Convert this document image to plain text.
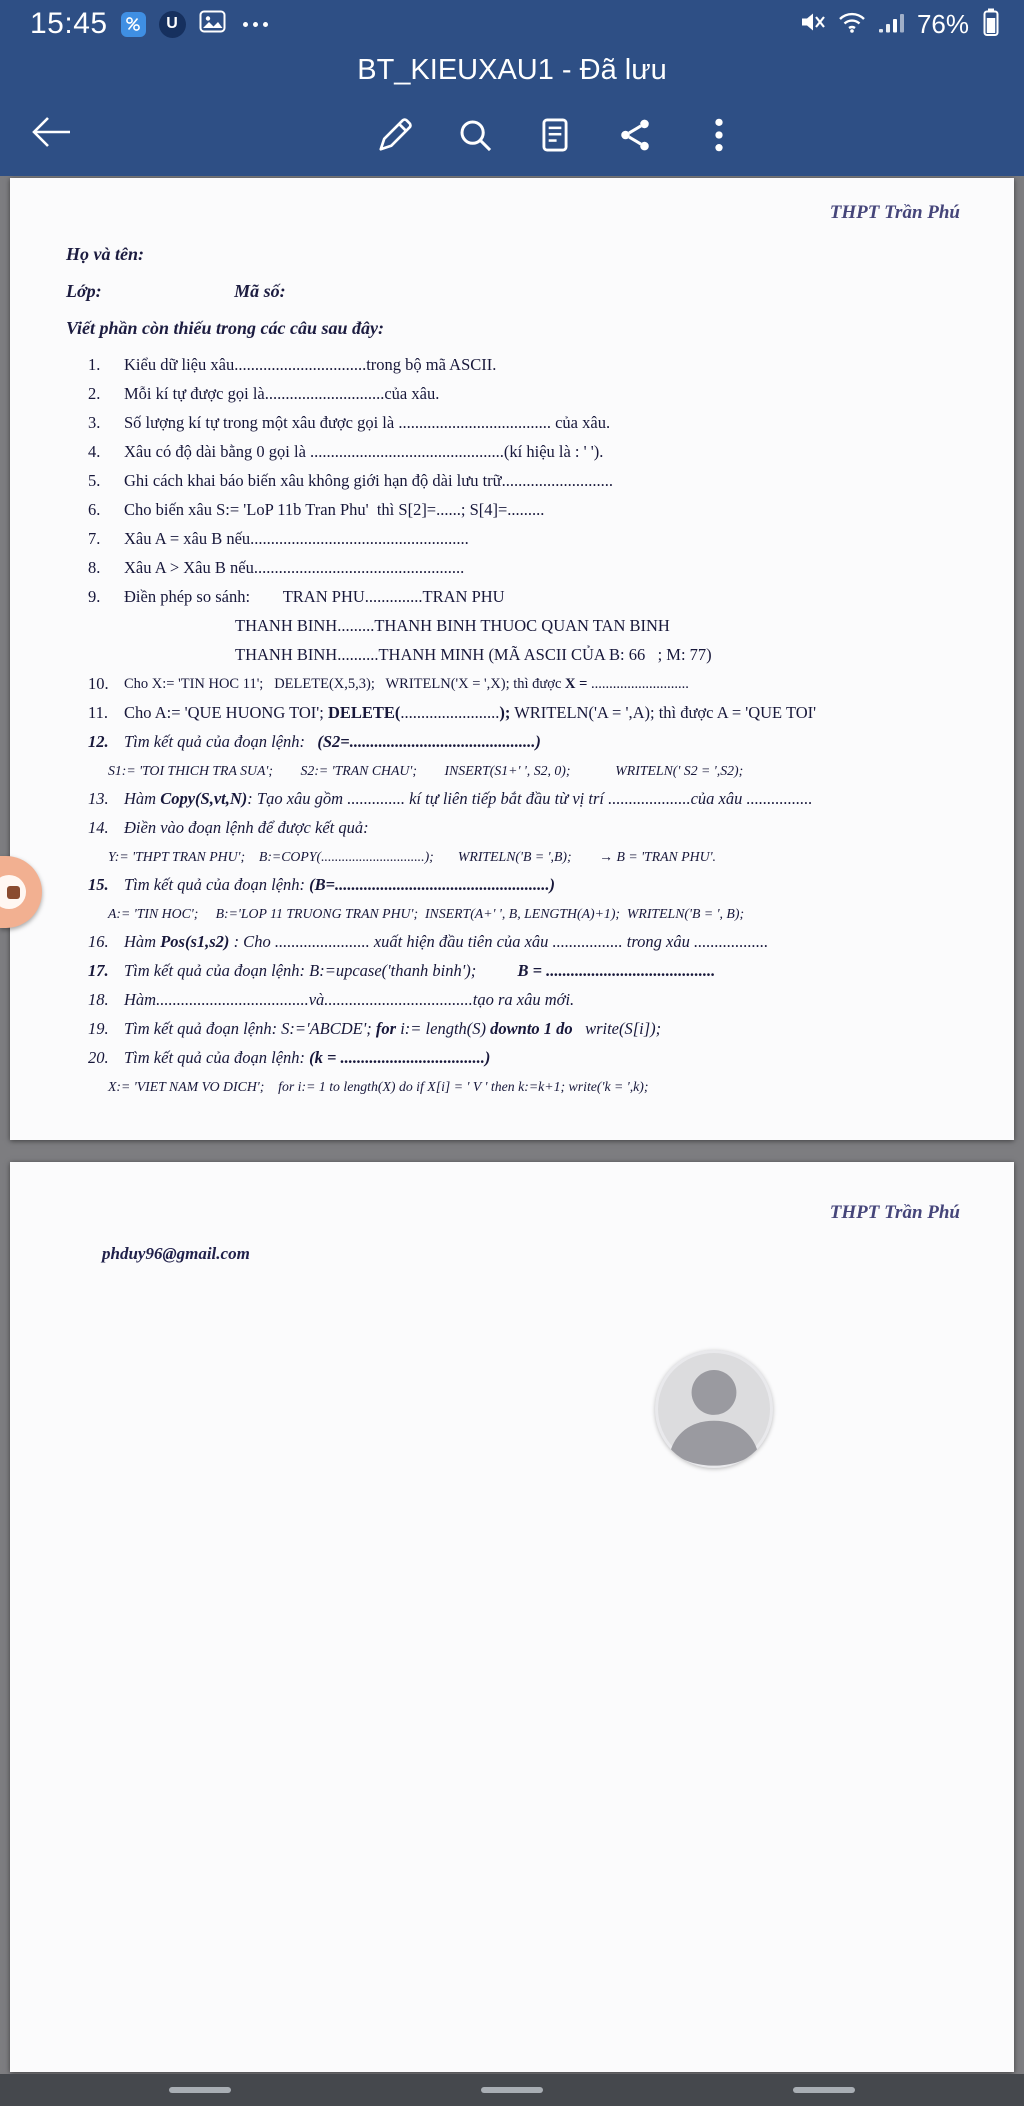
15:45	U	76%
BT_KIEUXAU1 - Đã lưu
THPT Trần Phú
Họ và tên:
Lớp:	Mã số:
Viết phần còn thiếu trong các câu sau đây:
1.	Kiểu dữ liệu xâu................................trong bộ mã ASCII.
2.	Mỗi kí tự được gọi là.............................của xâu.
3.	Số lượng kí tự trong một xâu được gọi là ..................................... của xâu.
4.	Xâu có độ dài bằng 0 gọi là ...............................................(kí hiệu là : ' ').
5.	Ghi cách khai báo biến xâu không giới hạn độ dài lưu trữ...........................
6.	Cho biến xâu S:= 'LoP 11b Tran Phu'  thì S[2]=......; S[4]=.........
7.	Xâu A = xâu B nếu.....................................................
8.	Xâu A > Xâu B nếu...................................................
9.	Điền phép so sánh:        TRAN PHU..............TRAN PHU
THANH BINH.........THANH BINH THUOC QUAN TAN BINH
THANH BINH..........THANH MINH (MÃ ASCII CỦA B: 66   ; M: 77)
10.	Cho X:= 'TIN HOC 11';   DELETE(X,5,3);   WRITELN('X = ',X); thì được X = ...........................
11. Cho A:= 'QUE HUONG TOI'; DELETE(........................); WRITELN('A = ',A); thì được A = 'QUE TOI'
12. Tìm kết quả của đoạn lệnh:   (S2=.............................................)
S1:= 'TOI THICH TRA SUA';        S2:= 'TRAN CHAU';        INSERT(S1+' ', S2, 0);             WRITELN(' S2 = ',S2);
13. Hàm Copy(S,vt,N): Tạo xâu gồm .............. kí tự liên tiếp bắt đầu từ vị trí ....................của xâu ................
14. Điền vào đoạn lệnh để được kết quả:
Y:= 'THPT TRAN PHU';    B:=COPY(..............................);       WRITELN('B = ',B);        → B = 'TRAN PHU'.
15. Tìm kết quả của đoạn lệnh: (B=....................................................)
A:= 'TIN HOC';     B:='LOP 11 TRUONG TRAN PHU';  INSERT(A+' ', B, LENGTH(A)+1);  WRITELN('B = ', B);
16. Hàm Pos(s1,s2) : Cho ....................... xuất hiện đầu tiên của xâu ................. trong xâu ..................
17. Tìm kết quả của đoạn lệnh: B:=upcase('thanh binh');          B = .........................................
18. Hàm.....................................và....................................tạo ra xâu mới.
19. Tìm kết quả đoạn lệnh: S:='ABCDE'; for i:= length(S) downto 1 do   write(S[i]);
20. Tìm kết quả của đoạn lệnh: (k = ...................................)
X:= 'VIET NAM VO DICH';    for i:= 1 to length(X) do if X[i] = ' V ' then k:=k+1; write('k = ',k);
THPT Trần Phú
phduy96@gmail.com
